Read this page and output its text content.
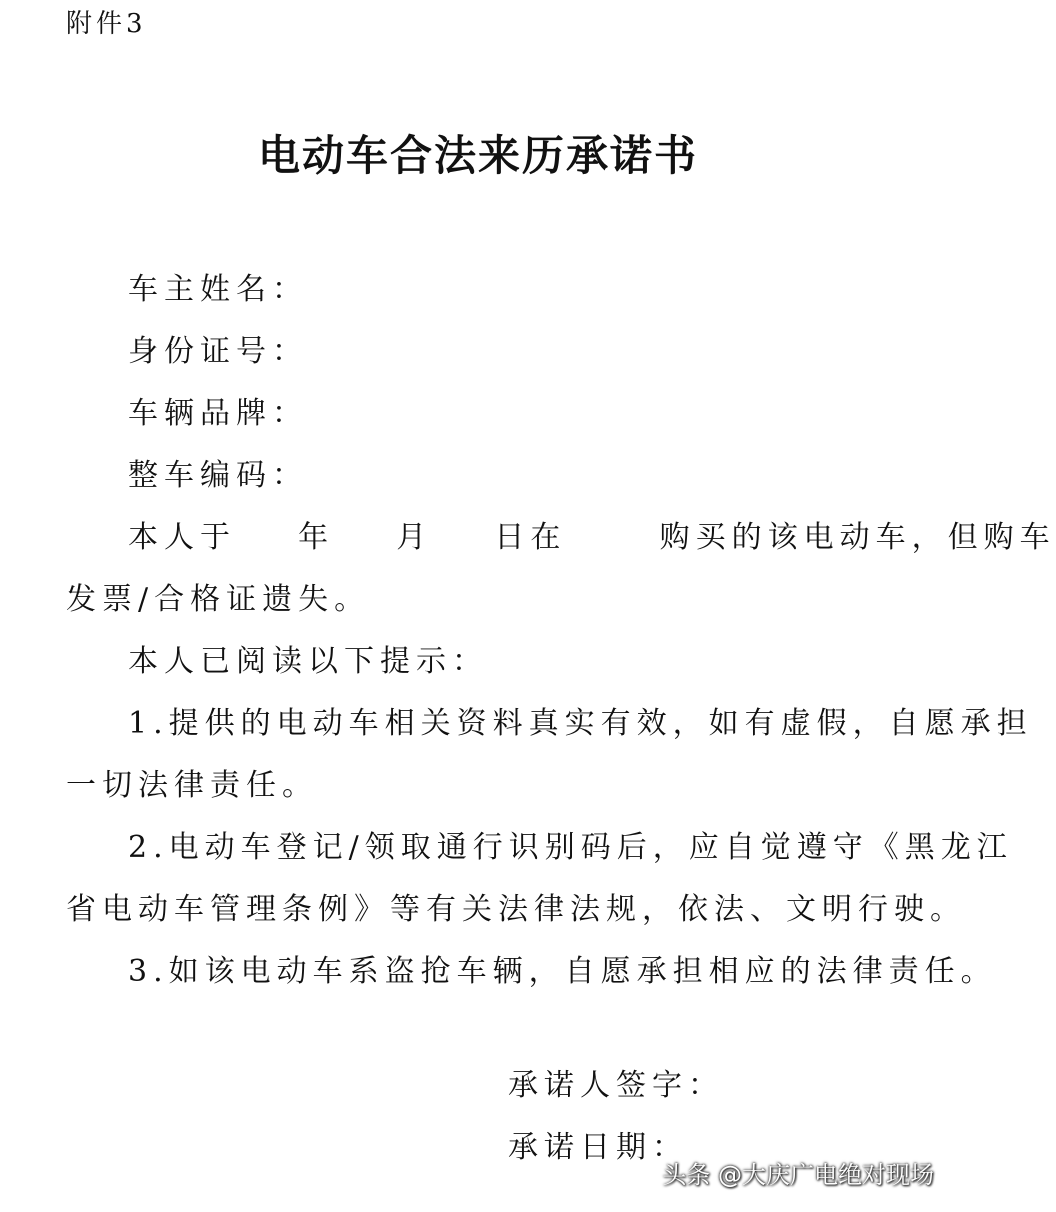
附件3
电动车合法来历承诺书
车主姓名：
身份证号：
车辆品牌：
整车编码：
本人于    年    月    日在      购买的该电动车，但购车
发票/合格证遗失。
本人已阅读以下提示：
1.提供的电动车相关资料真实有效，如有虚假，自愿承担
一切法律责任。
2.电动车登记/领取通行识别码后，应自觉遵守《黑龙江
省电动车管理条例》等有关法律法规，依法、文明行驶。
3.如该电动车系盗抢车辆，自愿承担相应的法律责任。
承诺人签字：
承诺日期：
头条 @大庆广电绝对现场
